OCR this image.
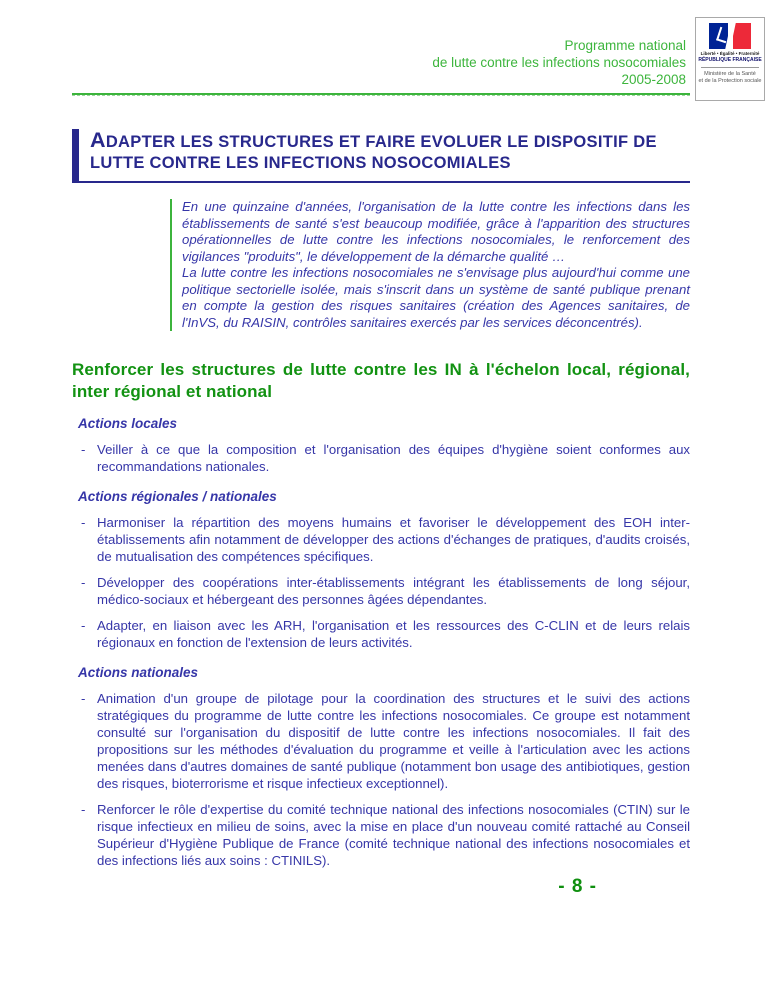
Liberté • Égalité • Fraternité
RÉPUBLIQUE FRANÇAISE
Ministère de la Santé
et de la Protection sociale
Programme national
de lutte contre les infections nosocomiales
2005-2008
ADAPTER LES STRUCTURES ET FAIRE EVOLUER LE DISPOSITIF DE LUTTE CONTRE LES INFECTIONS NOSOCOMIALES

En une quinzaine d'années, l'organisation de la lutte contre les infections dans les établissements de santé s'est beaucoup modifiée, grâce à l'apparition des structures opérationnelles de lutte contre les infections nosocomiales, le renforcement des vigilances "produits", le développement de la démarche qualité …

La lutte contre les infections nosocomiales ne s'envisage plus aujourd'hui comme une politique sectorielle isolée, mais s'inscrit dans un système de santé publique prenant en compte la gestion des risques sanitaires (création des Agences sanitaires, de l'InVS, du RAISIN, contrôles sanitaires exercés par les services déconcentrés).

Renforcer les structures de lutte contre les IN à l'échelon local, régional, inter régional et national
Actions locales
- Veiller à ce que la composition et l'organisation des équipes d'hygiène soient conformes aux recommandations nationales.
Actions régionales / nationales
- Harmoniser la répartition des moyens humains et favoriser le développement des EOH inter-établissements afin notamment de développer des actions d'échanges de pratiques, d'audits croisés, de mutualisation des compétences spécifiques.
- Développer des coopérations inter-établissements intégrant les établissements de long séjour, médico-sociaux et hébergeant des personnes âgées dépendantes.
- Adapter, en liaison avec les ARH, l'organisation et les ressources des C-CLIN et de leurs relais régionaux en fonction de l'extension de leurs activités.
Actions nationales
- Animation d'un groupe de pilotage pour la coordination des structures et le suivi des actions stratégiques du programme de lutte contre les infections nosocomiales. Ce groupe est notamment consulté sur l'organisation du dispositif de lutte contre les infections nosocomiales. Il fait des propositions sur les méthodes d'évaluation du programme et veille à l'articulation avec les actions menées dans d'autres domaines de santé publique (notamment bon usage des antibiotiques, gestion des risques, bioterrorisme et risque infectieux exceptionnel).
- Renforcer le rôle d'expertise du comité technique national des infections nosocomiales (CTIN) sur le risque infectieux en milieu de soins, avec la mise en place d'un nouveau comité rattaché au Conseil Supérieur d'Hygiène Publique de France (comité technique national des infections nosocomiales et des infections liés aux soins : CTINILS).
- 8 -
